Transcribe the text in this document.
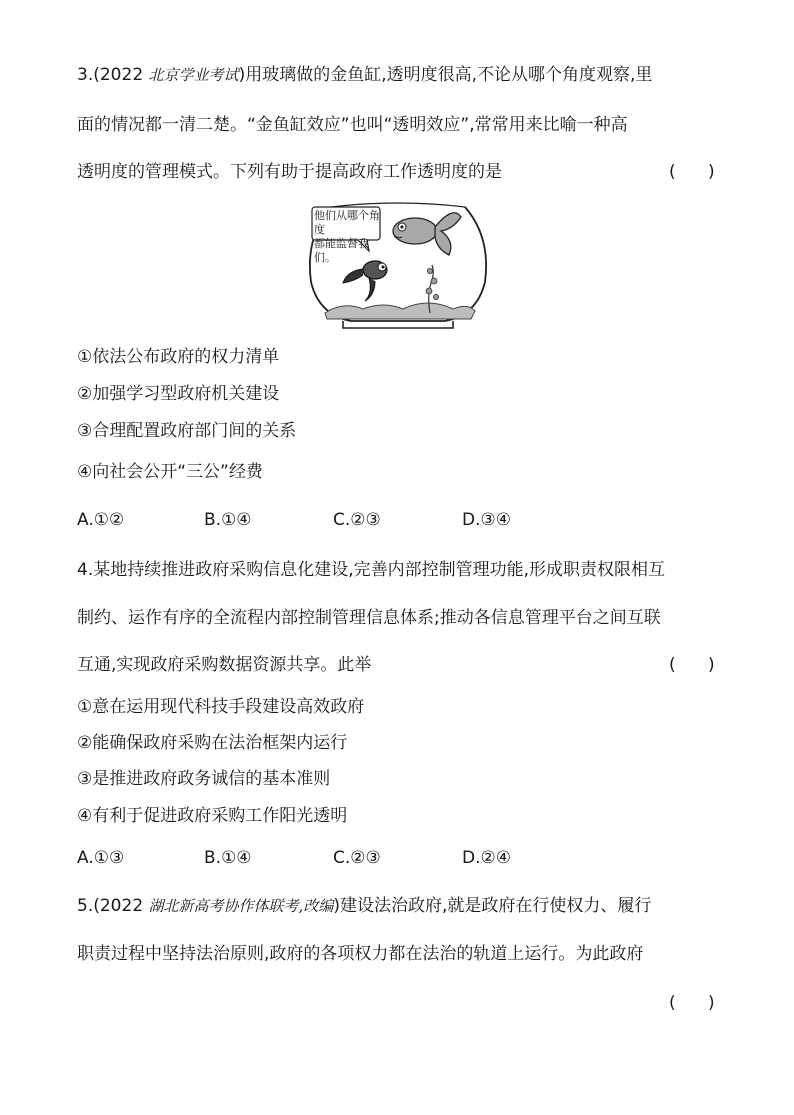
3.(2022 北京学业考试)用玻璃做的金鱼缸,透明度很高,不论从哪个角度观察,里
面的情况都一清二楚。“金鱼缸效应”也叫“透明效应”,常常用来比喻一种高
透明度的管理模式。下列有助于提高政府工作透明度的是	(      )
他们从哪个角度
都能监督我们。
①依法公布政府的权力清单
②加强学习型政府机关建设
③合理配置政府部门间的关系
④向社会公开“三公”经费
A.①②	B.①④	C.②③	D.③④
4.某地持续推进政府采购信息化建设,完善内部控制管理功能,形成职责权限相互
制约、运作有序的全流程内部控制管理信息体系;推动各信息管理平台之间互联
互通,实现政府采购数据资源共享。此举	(      )
①意在运用现代科技手段建设高效政府
②能确保政府采购在法治框架内运行
③是推进政府政务诚信的基本准则
④有利于促进政府采购工作阳光透明
A.①③	B.①④	C.②③	D.②④
5.(2022 湖北新高考协作体联考,改编)建设法治政府,就是政府在行使权力、履行
职责过程中坚持法治原则,政府的各项权力都在法治的轨道上运行。为此政府
(      )
